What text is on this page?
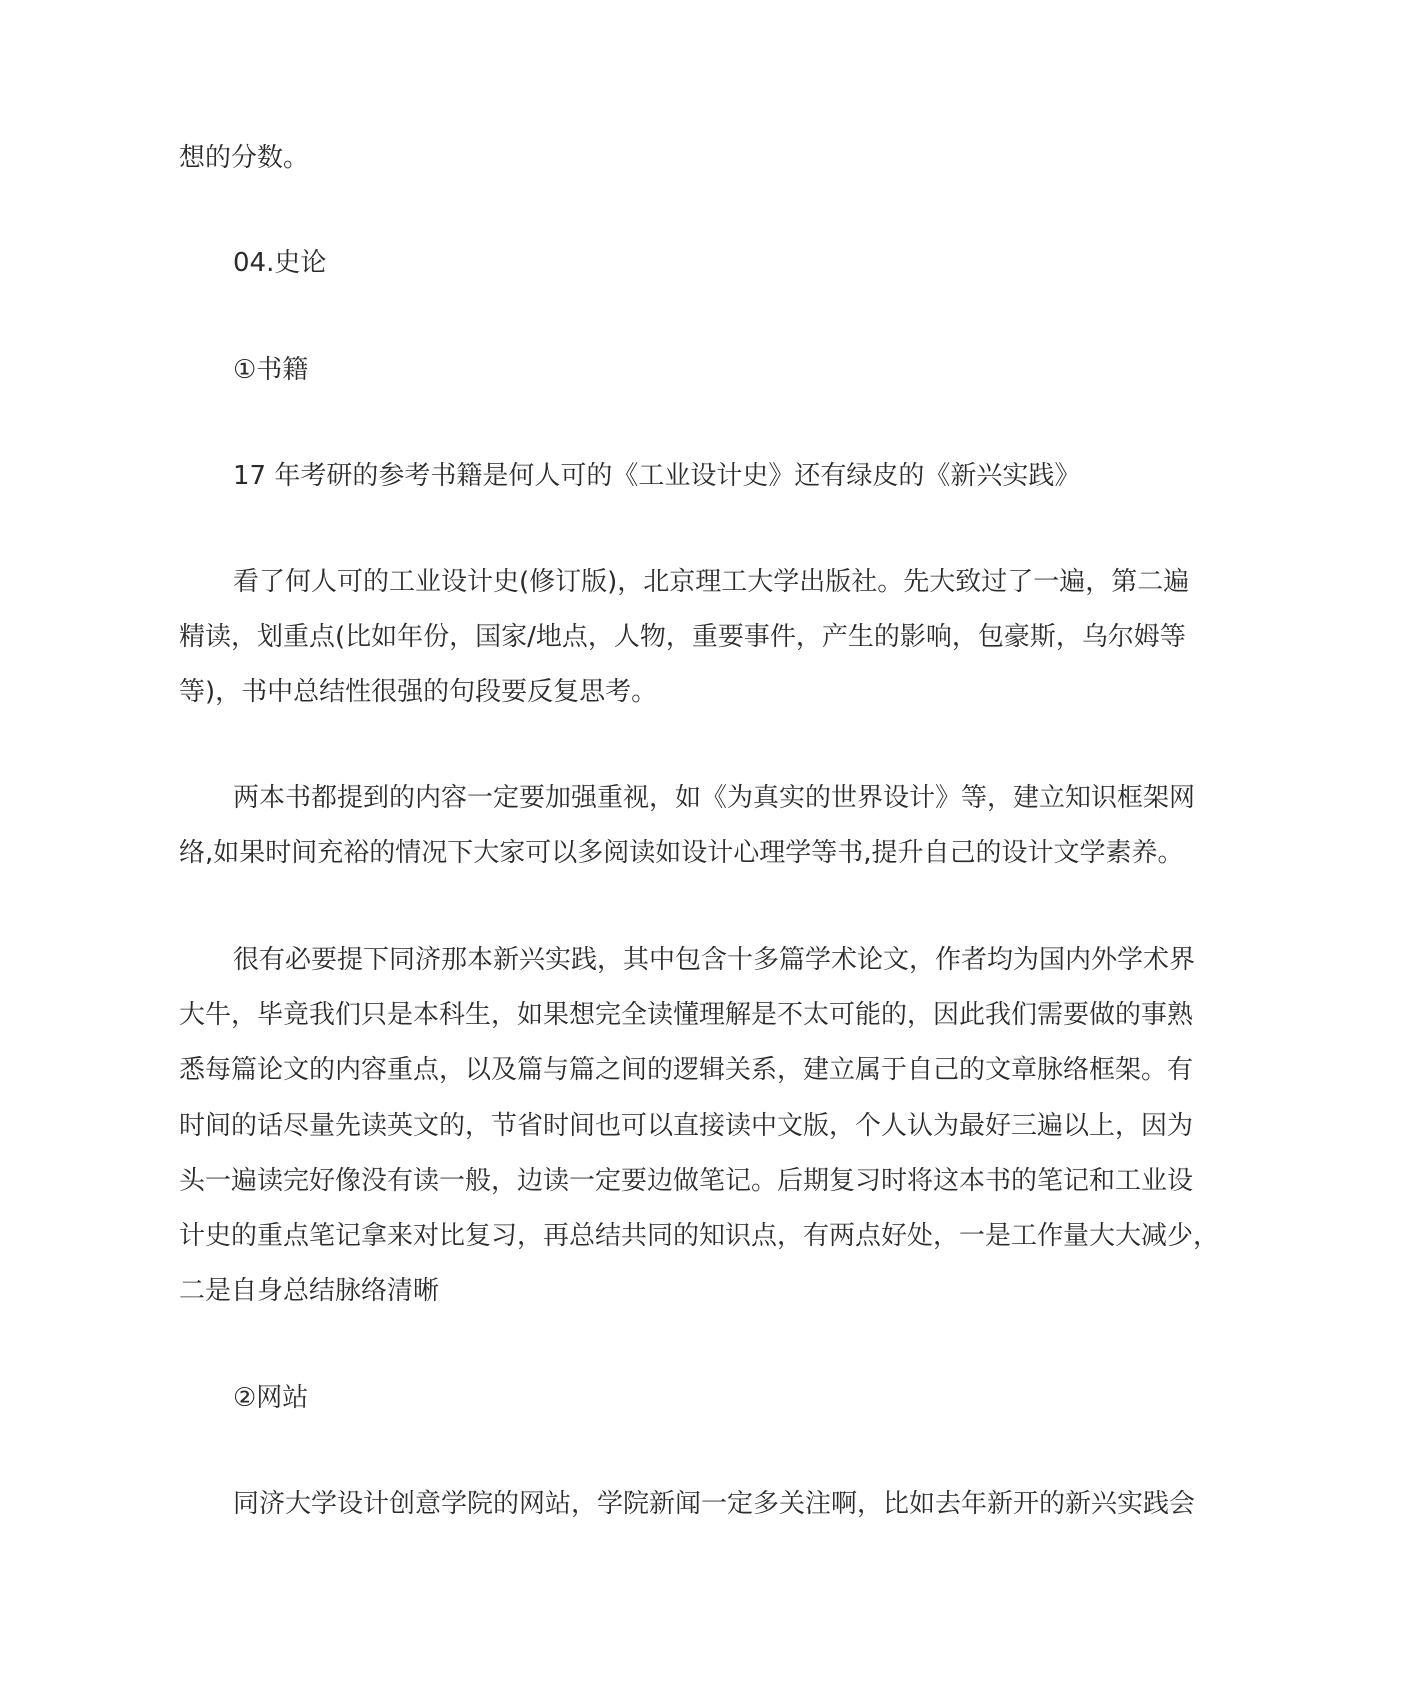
想的分数。
04.史论
①书籍
17 年考研的参考书籍是何人可的《工业设计史》还有绿皮的《新兴实践》
看了何人可的工业设计史(修订版)，北京理工大学出版社。先大致过了一遍，第二遍
精读，划重点(比如年份，国家/地点，人物，重要事件，产生的影响，包豪斯，乌尔姆等
等)，书中总结性很强的句段要反复思考。
两本书都提到的内容一定要加强重视，如《为真实的世界设计》等，建立知识框架网
络,如果时间充裕的情况下大家可以多阅读如设计心理学等书,提升自己的设计文学素养。
很有必要提下同济那本新兴实践，其中包含十多篇学术论文，作者均为国内外学术界
大牛，毕竟我们只是本科生，如果想完全读懂理解是不太可能的，因此我们需要做的事熟
悉每篇论文的内容重点，以及篇与篇之间的逻辑关系，建立属于自己的文章脉络框架。有
时间的话尽量先读英文的，节省时间也可以直接读中文版，个人认为最好三遍以上，因为
头一遍读完好像没有读一般，边读一定要边做笔记。后期复习时将这本书的笔记和工业设
计史的重点笔记拿来对比复习，再总结共同的知识点，有两点好处，一是工作量大大减少，
二是自身总结脉络清晰
②网站
同济大学设计创意学院的网站，学院新闻一定多关注啊，比如去年新开的新兴实践会
